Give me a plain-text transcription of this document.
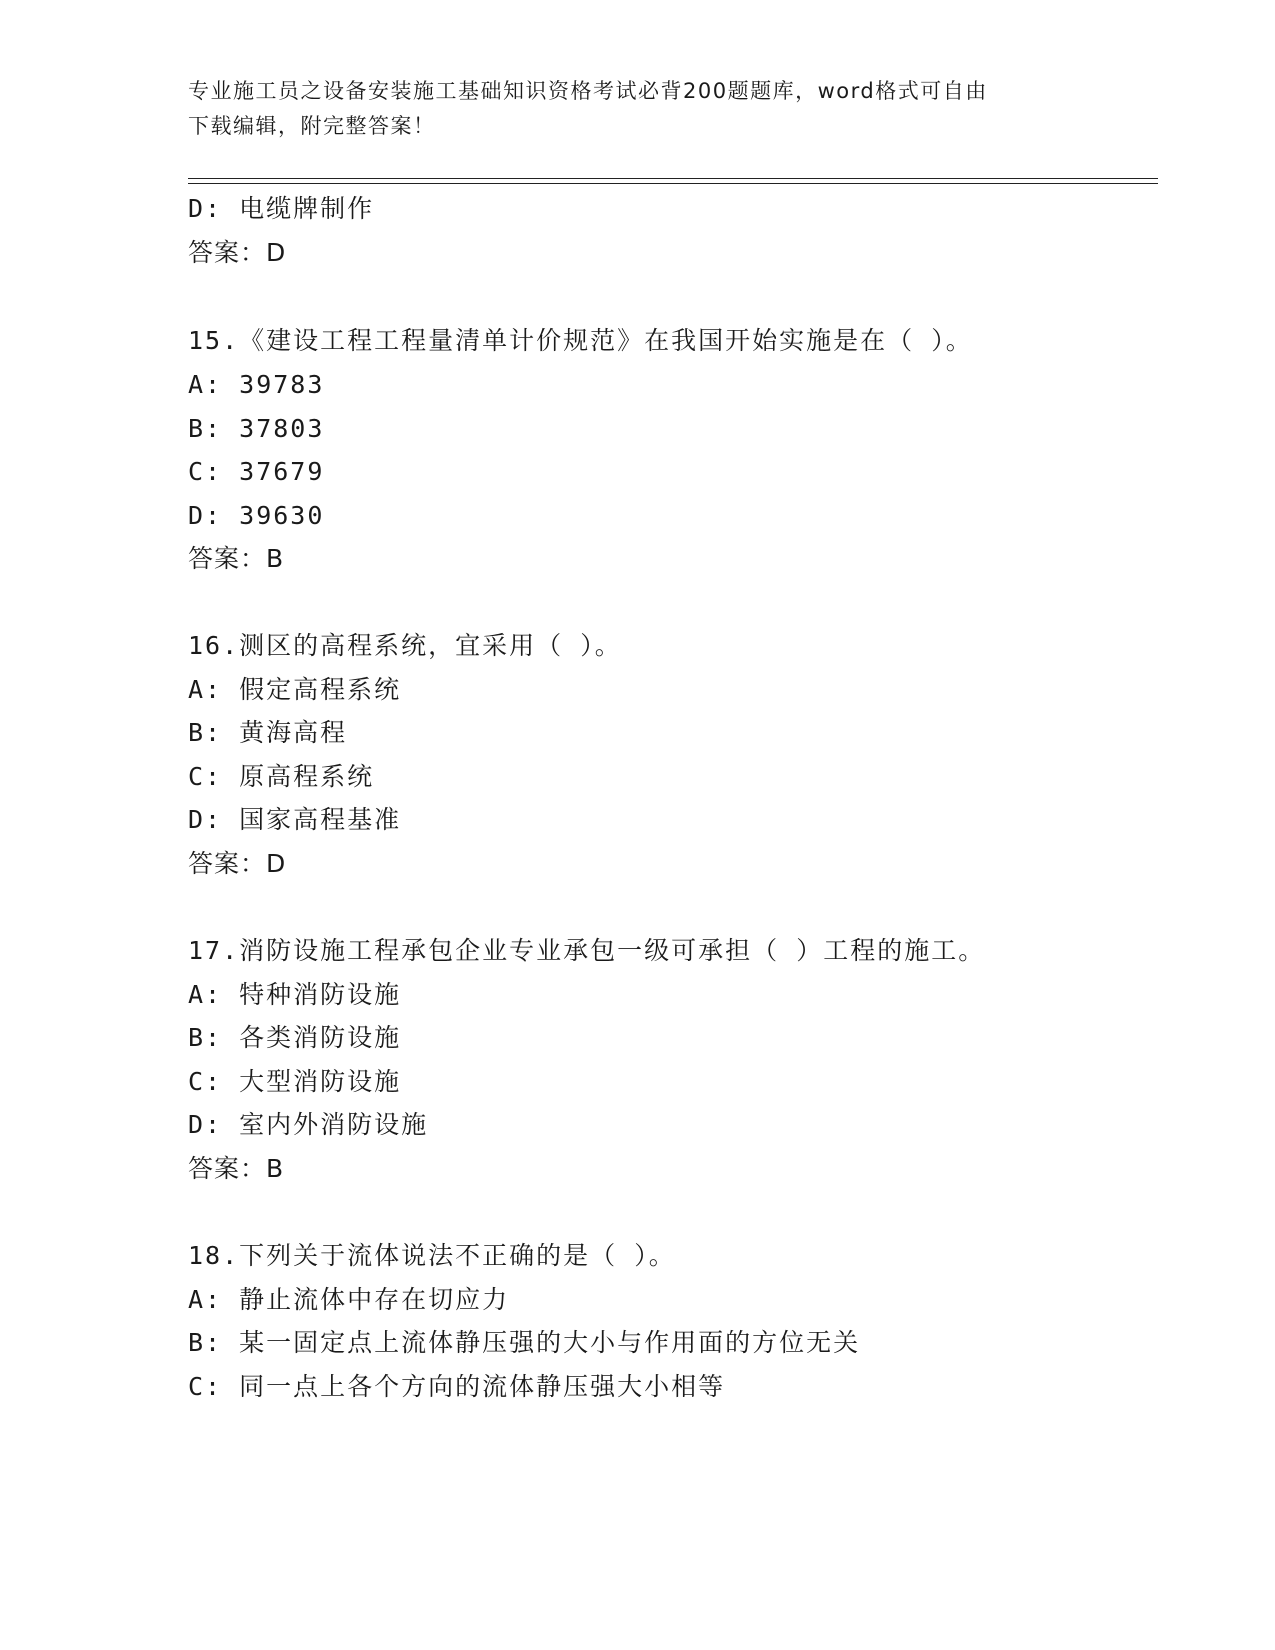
专业施工员之设备安装施工基础知识资格考试必背200题题库，word格式可自由
下载编辑，附完整答案！
D: 电缆牌制作
答案：D
15.《建设工程工程量清单计价规范》在我国开始实施是在（ ）。
A: 39783
B: 37803
C: 37679
D: 39630
答案：B
16.测区的高程系统，宜采用（ ）。
A: 假定高程系统
B: 黄海高程
C: 原高程系统
D: 国家高程基准
答案：D
17.消防设施工程承包企业专业承包一级可承担（ ）工程的施工。
A: 特种消防设施
B: 各类消防设施
C: 大型消防设施
D: 室内外消防设施
答案：B
18.下列关于流体说法不正确的是（ ）。
A: 静止流体中存在切应力
B: 某一固定点上流体静压强的大小与作用面的方位无关
C: 同一点上各个方向的流体静压强大小相等
